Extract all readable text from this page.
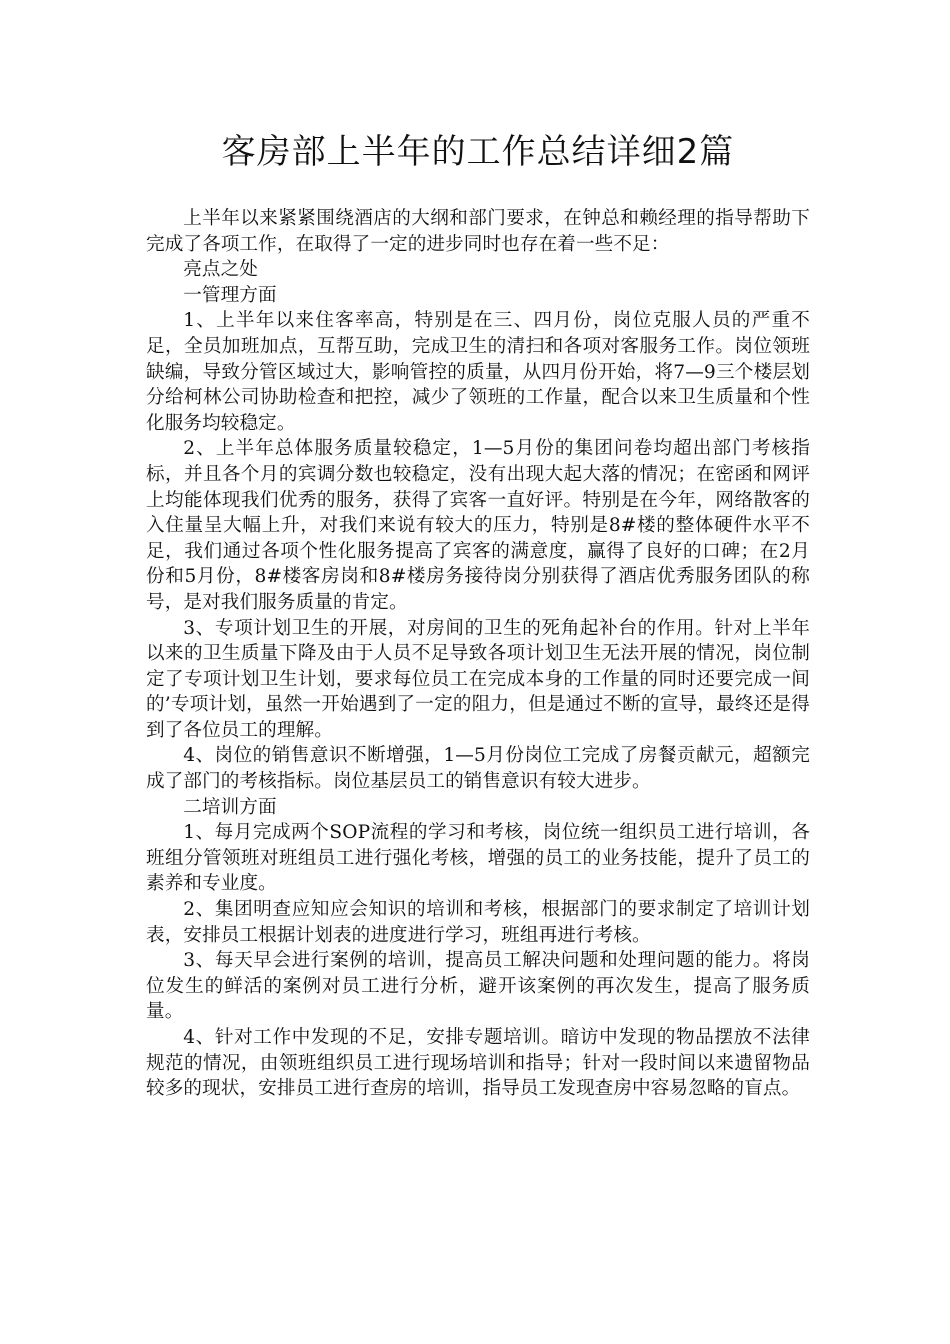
客房部上半年的工作总结详细2篇

上半年以来紧紧围绕酒店的大纲和部门要求，在钟总和赖经理的指导帮助下完成了各项工作，在取得了一定的进步同时也存在着一些不足：

亮点之处

一管理方面

1、上半年以来住客率高，特别是在三、四月份，岗位克服人员的严重不足，全员加班加点，互帮互助，完成卫生的清扫和各项对客服务工作。岗位领班缺编，导致分管区域过大，影响管控的质量，从四月份开始，将7—9三个楼层划分给柯林公司协助检查和把控，减少了领班的工作量，配合以来卫生质量和个性化服务均较稳定。

2、上半年总体服务质量较稳定，1—5月份的集团问卷均超出部门考核指标，并且各个月的宾调分数也较稳定，没有出现大起大落的情况；在密函和网评上均能体现我们优秀的服务，获得了宾客一直好评。特别是在今年，网络散客的入住量呈大幅上升，对我们来说有较大的压力，特别是8#楼的整体硬件水平不足，我们通过各项个性化服务提高了宾客的满意度，赢得了良好的口碑；在2月份和5月份，8#楼客房岗和8#楼房务接待岗分别获得了酒店优秀服务团队的称号，是对我们服务质量的肯定。

3、专项计划卫生的开展，对房间的卫生的死角起补台的作用。针对上半年以来的卫生质量下降及由于人员不足导致各项计划卫生无法开展的情况，岗位制定了专项计划卫生计划，要求每位员工在完成本身的工作量的同时还要完成一间的’专项计划，虽然一开始遇到了一定的阻力，但是通过不断的宣导，最终还是得到了各位员工的理解。

4、岗位的销售意识不断增强，1—5月份岗位工完成了房餐贡献元，超额完成了部门的考核指标。岗位基层员工的销售意识有较大进步。

二培训方面

1、每月完成两个SOP流程的学习和考核，岗位统一组织员工进行培训，各班组分管领班对班组员工进行强化考核，增强的员工的业务技能，提升了员工的素养和专业度。

2、集团明查应知应会知识的培训和考核，根据部门的要求制定了培训计划表，安排员工根据计划表的进度进行学习，班组再进行考核。

3、每天早会进行案例的培训，提高员工解决问题和处理问题的能力。将岗位发生的鲜活的案例对员工进行分析，避开该案例的再次发生，提高了服务质量。

4、针对工作中发现的不足，安排专题培训。暗访中发现的物品摆放不法律规范的情况，由领班组织员工进行现场培训和指导；针对一段时间以来遗留物品较多的现状，安排员工进行查房的培训，指导员工发现查房中容易忽略的盲点。
